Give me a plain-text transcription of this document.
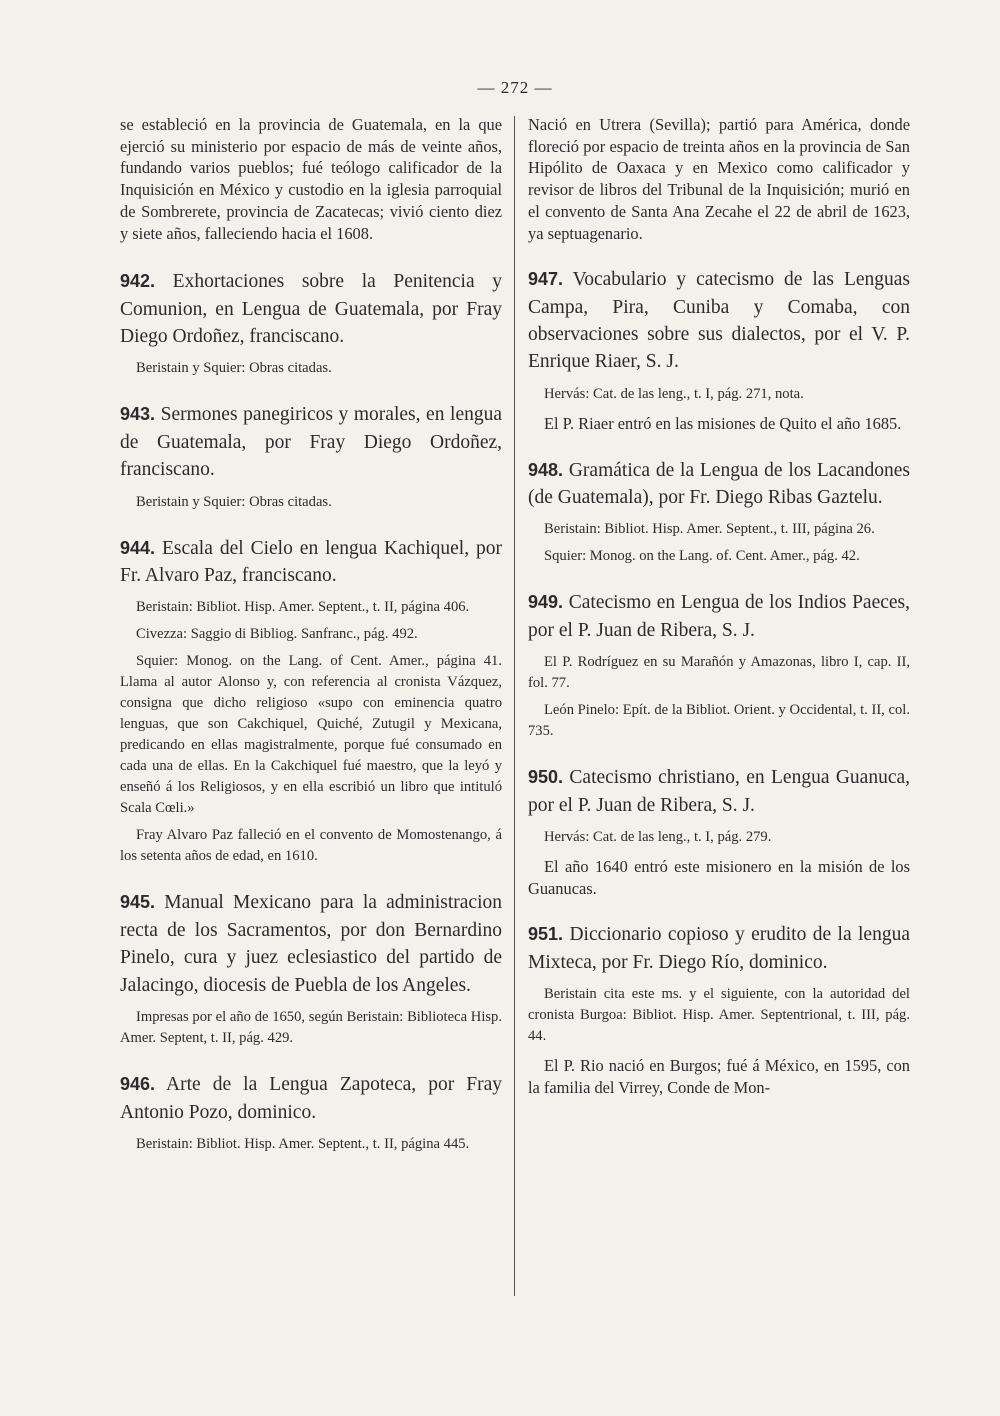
— 272 —

se estableció en la provincia de Guatemala, en la que ejerció su ministerio por espacio de más de veinte años, fundando varios pueblos; fué teólogo calificador de la Inquisición en México y custodio en la iglesia parroquial de Sombrerete, provincia de Zacatecas; vivió ciento diez y siete años, falleciendo hacia el 1608.

942. Exhortaciones sobre la Penitencia y Comunion, en Lengua de Guatemala, por Fray Diego Ordoñez, franciscano.

Beristain y Squier: Obras citadas.

943. Sermones panegiricos y morales, en lengua de Guatemala, por Fray Diego Ordoñez, franciscano.

Beristain y Squier: Obras citadas.

944. Escala del Cielo en lengua Kachiquel, por Fr. Alvaro Paz, franciscano.

Beristain: Bibliot. Hisp. Amer. Septent., t. II, página 406.

Civezza: Saggio di Bibliog. Sanfranc., pág. 492.

Squier: Monog. on the Lang. of Cent. Amer., página 41. Llama al autor Alonso y, con referencia al cronista Vázquez, consigna que dicho religioso «supo con eminencia quatro lenguas, que son Cakchiquel, Quiché, Zutugil y Mexicana, predicando en ellas magistralmente, porque fué consumado en cada una de ellas. En la Cakchiquel fué maestro, que la leyó y enseñó á los Religiosos, y en ella escribió un libro que intituló Scala Cœli.»

Fray Alvaro Paz falleció en el convento de Momostenango, á los setenta años de edad, en 1610.

945. Manual Mexicano para la administracion recta de los Sacramentos, por don Bernardino Pinelo, cura y juez eclesiastico del partido de Jalacingo, diocesis de Puebla de los Angeles.

Impresas por el año de 1650, según Beristain: Biblioteca Hisp. Amer. Septent, t. II, pág. 429.

946. Arte de la Lengua Zapoteca, por Fray Antonio Pozo, dominico.

Beristain: Bibliot. Hisp. Amer. Septent., t. II, página 445.

Nació en Utrera (Sevilla); partió para América, donde floreció por espacio de treinta años en la provincia de San Hipólito de Oaxaca y en Mexico como calificador y revisor de libros del Tribunal de la Inquisición; murió en el convento de Santa Ana Zecahe el 22 de abril de 1623, ya septuagenario.

947. Vocabulario y catecismo de las Lenguas Campa, Pira, Cuniba y Comaba, con observaciones sobre sus dialectos, por el V. P. Enrique Riaer, S. J.

Hervás: Cat. de las leng., t. I, pág. 271, nota.

El P. Riaer entró en las misiones de Quito el año 1685.

948. Gramática de la Lengua de los Lacandones (de Guatemala), por Fr. Diego Ribas Gaztelu.

Beristain: Bibliot. Hisp. Amer. Septent., t. III, página 26.

Squier: Monog. on the Lang. of. Cent. Amer., pág. 42.

949. Catecismo en Lengua de los Indios Paeces, por el P. Juan de Ribera, S. J.

El P. Rodríguez en su Marañón y Amazonas, libro I, cap. II, fol. 77.

León Pinelo: Epít. de la Bibliot. Orient. y Occidental, t. II, col. 735.

950. Catecismo christiano, en Lengua Guanuca, por el P. Juan de Ribera, S. J.

Hervás: Cat. de las leng., t. I, pág. 279.

El año 1640 entró este misionero en la misión de los Guanucas.

951. Diccionario copioso y erudito de la lengua Mixteca, por Fr. Diego Río, dominico.

Beristain cita este ms. y el siguiente, con la autoridad del cronista Burgoa: Bibliot. Hisp. Amer. Septentrional, t. III, pág. 44.

El P. Rio nació en Burgos; fué á México, en 1595, con la familia del Virrey, Conde de Mon-
